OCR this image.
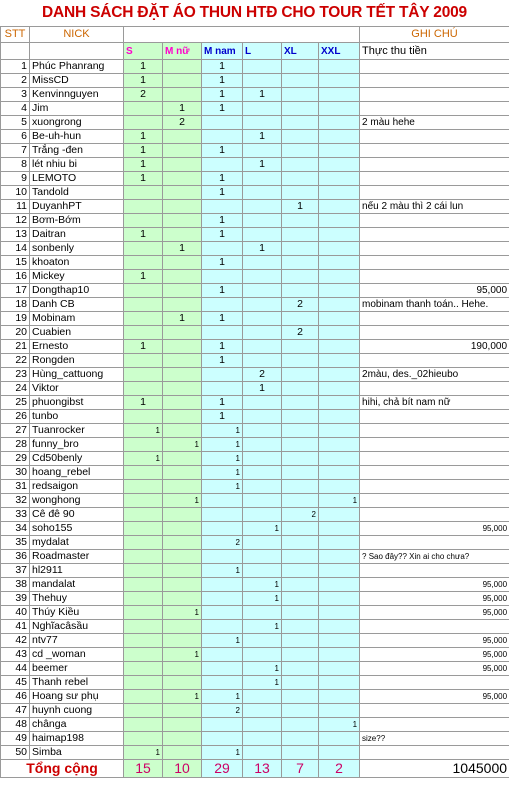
DANH SÁCH ĐẶT ÁO THUN HTĐ CHO TOUR TẾT TÂY 2009
STT	NICK							GHI CHÚ
		S	M nữ	M nam	L	XL	XXL	Thực thu tiền
1	Phúc Phanrang	1		1				
2	MissCD	1		1				
3	Kenvinnguyen	2		1	1			
4	Jim		1	1				
5	xuongrong		2					2 màu hehe
6	Be-uh-hun	1			1			
7	Trắng -đen	1		1				
8	lét nhiu bi	1			1			
9	LEMOTO	1		1				
10	Tandold			1				
11	DuyanhPT					1		nếu 2 màu thì 2 cái lun
12	Bơm-Bớm			1				
13	Daitran	1		1				
14	sonbenly		1		1			
15	khoaton			1				
16	Mickey	1						
17	Dongthap10			1				95,000
18	Danh CB					2		mobinam thanh toán.. Hehe.
19	Mobinam		1	1				
20	Cuabien					2		
21	Ernesto	1		1				190,000
22	Rongden			1				
23	Hùng_cattuong				2			2màu, des._02hieubo
24	Viktor				1			
25	phuongibst	1		1				hihi, chả bít nam nữ
26	tunbo			1				
27	Tuanrocker	1		1				
28	funny_bro		1	1				
29	Cd50benly	1		1				
30	hoang_rebel			1				
31	redsaigon			1				
32	wonghong		1				1	
33	Cê đê 90					2		
34	soho155				1			95,000
35	mydalat			2				
36	Roadmaster							? Sao đây?? Xin ai cho chưa?
37	hl2911			1				
38	mandalat				1			95,000
39	Thehuy				1			95,000
40	Thúy Kiều		1					95,000
41	Nghĩacâsầu				1			
42	ntv77			1				95,000
43	cd _woman		1					95,000
44	beemer				1			95,000
45	Thanh rebel				1			
46	Hoang sư phụ		1	1				95,000
47	huynh cuong			2				
48	chânga						1	
49	haimap198							size??
50	Simba	1		1				
Tổng cộng		15	10	29	13	7	2	1045000
